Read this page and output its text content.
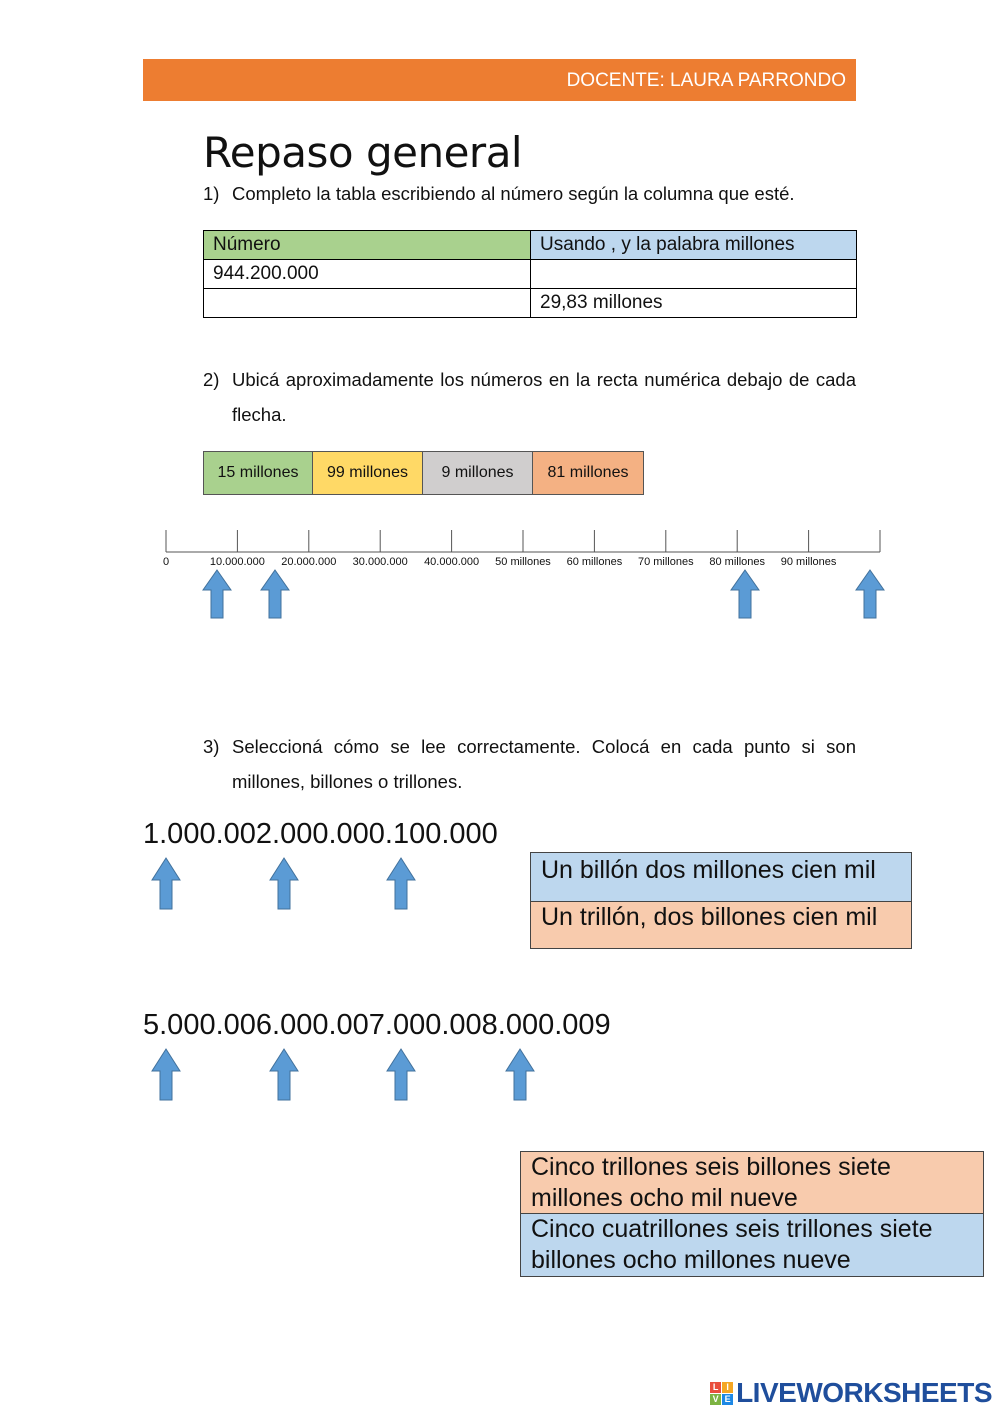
DOCENTE: LAURA PARRONDO
Repaso general
1) Completo la tabla escribiendo al número según la columna que esté.
Número	Usando , y la palabra millones
944.200.000	
	29,83 millones
2) Ubicá aproximadamente los números en la recta numérica debajo de cada flecha.
15 millones 99 millones 9 millones 81 millones
0	10.000.000 20.000.000 30.000.000 40.000.000 50 millones 60 millones 70 millones 80 millones 90 millones
3) Seleccioná cómo se lee correctamente. Colocá en cada punto si son millones, billones o trillones.
1.000.002.000.000.100.000
Un billón dos millones cien mil
Un trillón, dos billones cien mil
5.000.006.000.007.000.008.000.009
Cinco trillones seis billones siete millones ocho mil nueve
Cinco cuatrillones seis trillones siete billones ocho millones nueve
L I
V E LIVEWORKSHEETS
